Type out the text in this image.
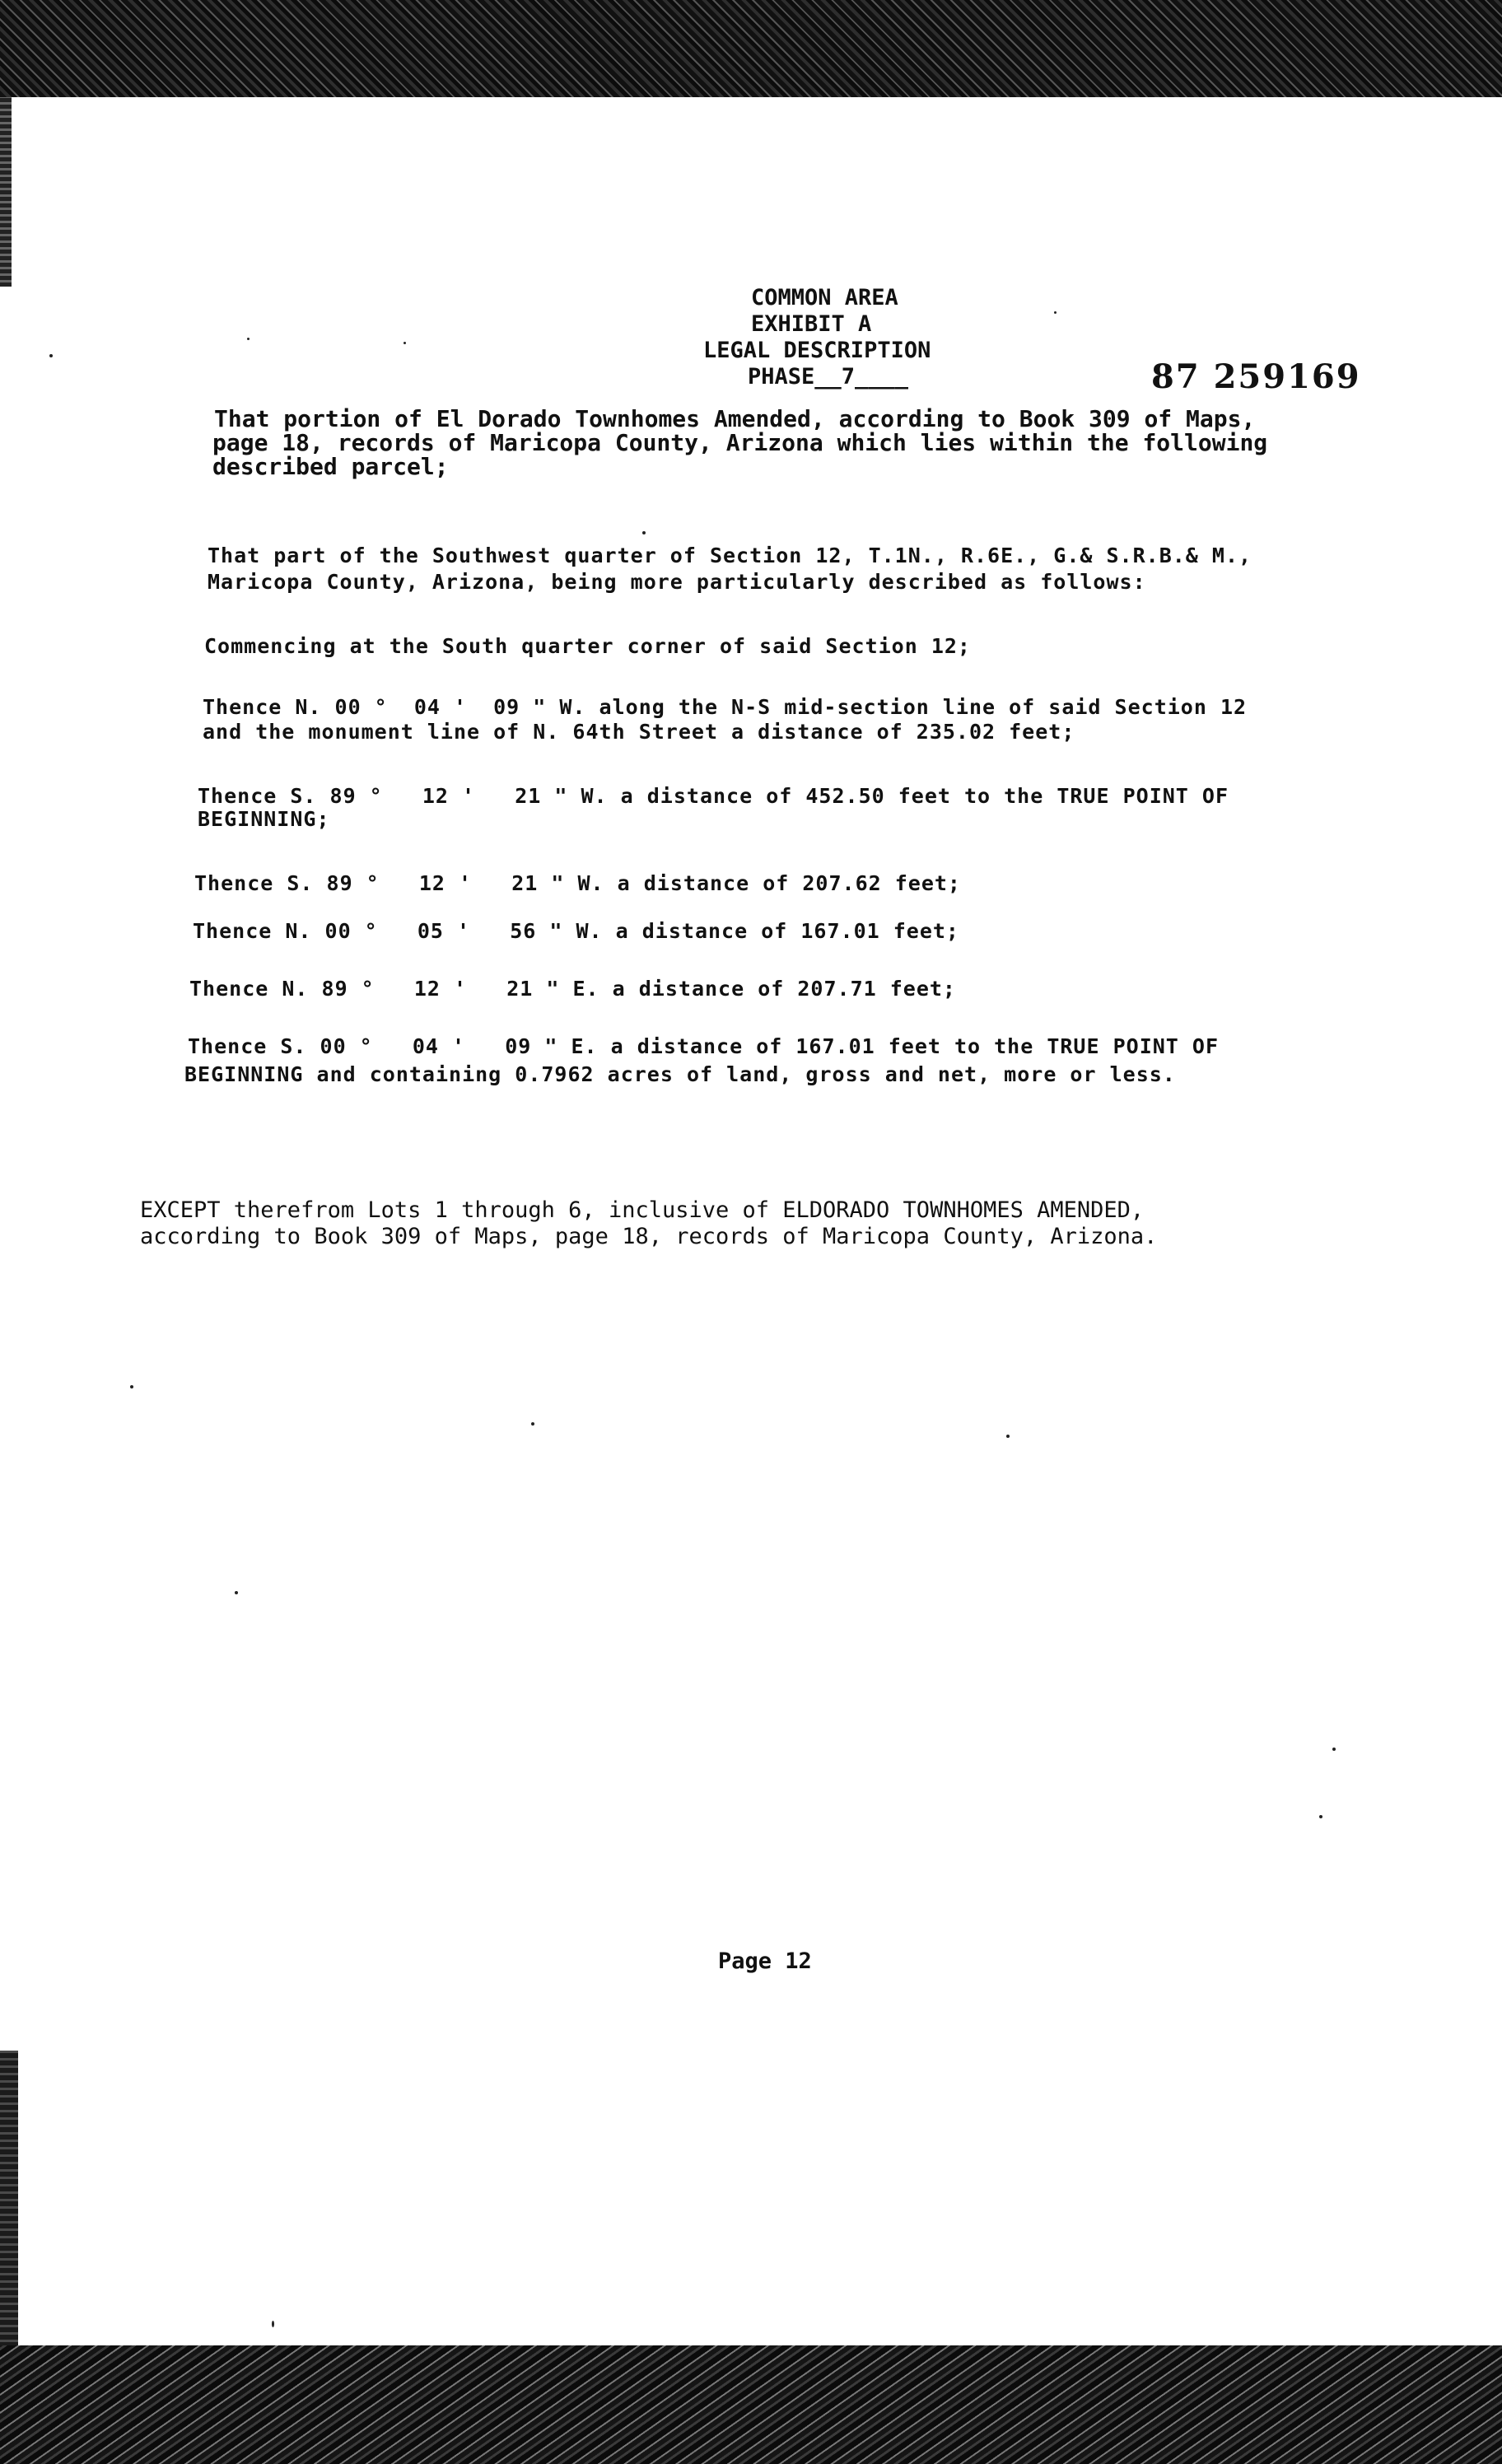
COMMON AREA
EXHIBIT A
LEGAL DESCRIPTION
PHASE__7____	87 259169
That portion of El Dorado Townhomes Amended, according to Book 309 of Maps,
page 18, records of Maricopa County, Arizona which lies within the following
described parcel;
That part of the Southwest quarter of Section 12, T.1N., R.6E., G.& S.R.B.& M.,
Maricopa County, Arizona, being more particularly described as follows:
Commencing at the South quarter corner of said Section 12;
Thence N. 00 °  04 '  09 " W. along the N-S mid-section line of said Section 12
and the monument line of N. 64th Street a distance of 235.02 feet;
Thence S. 89 °   12 '   21 " W. a distance of 452.50 feet to the TRUE POINT OF
BEGINNING;
Thence S. 89 °   12 '   21 " W. a distance of 207.62 feet;
Thence N. 00 °   05 '   56 " W. a distance of 167.01 feet;
Thence N. 89 °   12 '   21 " E. a distance of 207.71 feet;
Thence S. 00 °   04 '   09 " E. a distance of 167.01 feet to the TRUE POINT OF
BEGINNING and containing 0.7962 acres of land, gross and net, more or less.
EXCEPT therefrom Lots 1 through 6, inclusive of ELDORADO TOWNHOMES AMENDED,
according to Book 309 of Maps, page 18, records of Maricopa County, Arizona.
Page 12
